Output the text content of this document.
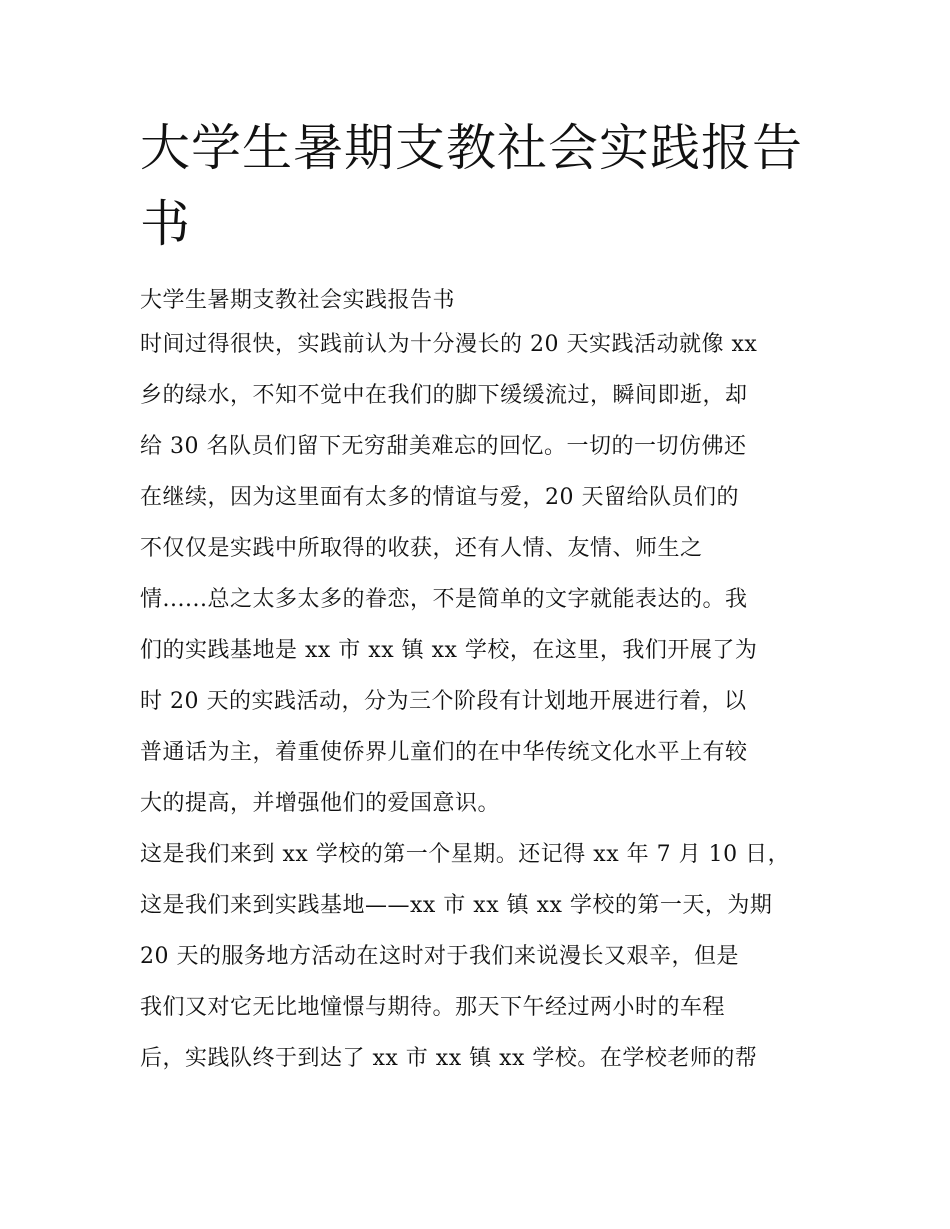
大学生暑期支教社会实践报告
书
大学生暑期支教社会实践报告书
时间过得很快，实践前认为十分漫长的 20 天实践活动就像 xx
乡的绿水，不知不觉中在我们的脚下缓缓流过，瞬间即逝，却
给 30 名队员们留下无穷甜美难忘的回忆。一切的一切仿佛还
在继续，因为这里面有太多的情谊与爱，20 天留给队员们的
不仅仅是实践中所取得的收获，还有人情、友情、师生之
情......总之太多太多的眷恋，不是简单的文字就能表达的。我
们的实践基地是 xx 市 xx 镇 xx 学校，在这里，我们开展了为
时 20 天的实践活动，分为三个阶段有计划地开展进行着，以
普通话为主，着重使侨界儿童们的在中华传统文化水平上有较
大的提高，并增强他们的爱国意识。
这是我们来到 xx 学校的第一个星期。还记得 xx 年 7 月 10 日，
这是我们来到实践基地——xx 市 xx 镇 xx 学校的第一天，为期
20 天的服务地方活动在这时对于我们来说漫长又艰辛，但是
我们又对它无比地憧憬与期待。那天下午经过两小时的车程
后，实践队终于到达了 xx 市 xx 镇 xx 学校。在学校老师的帮
